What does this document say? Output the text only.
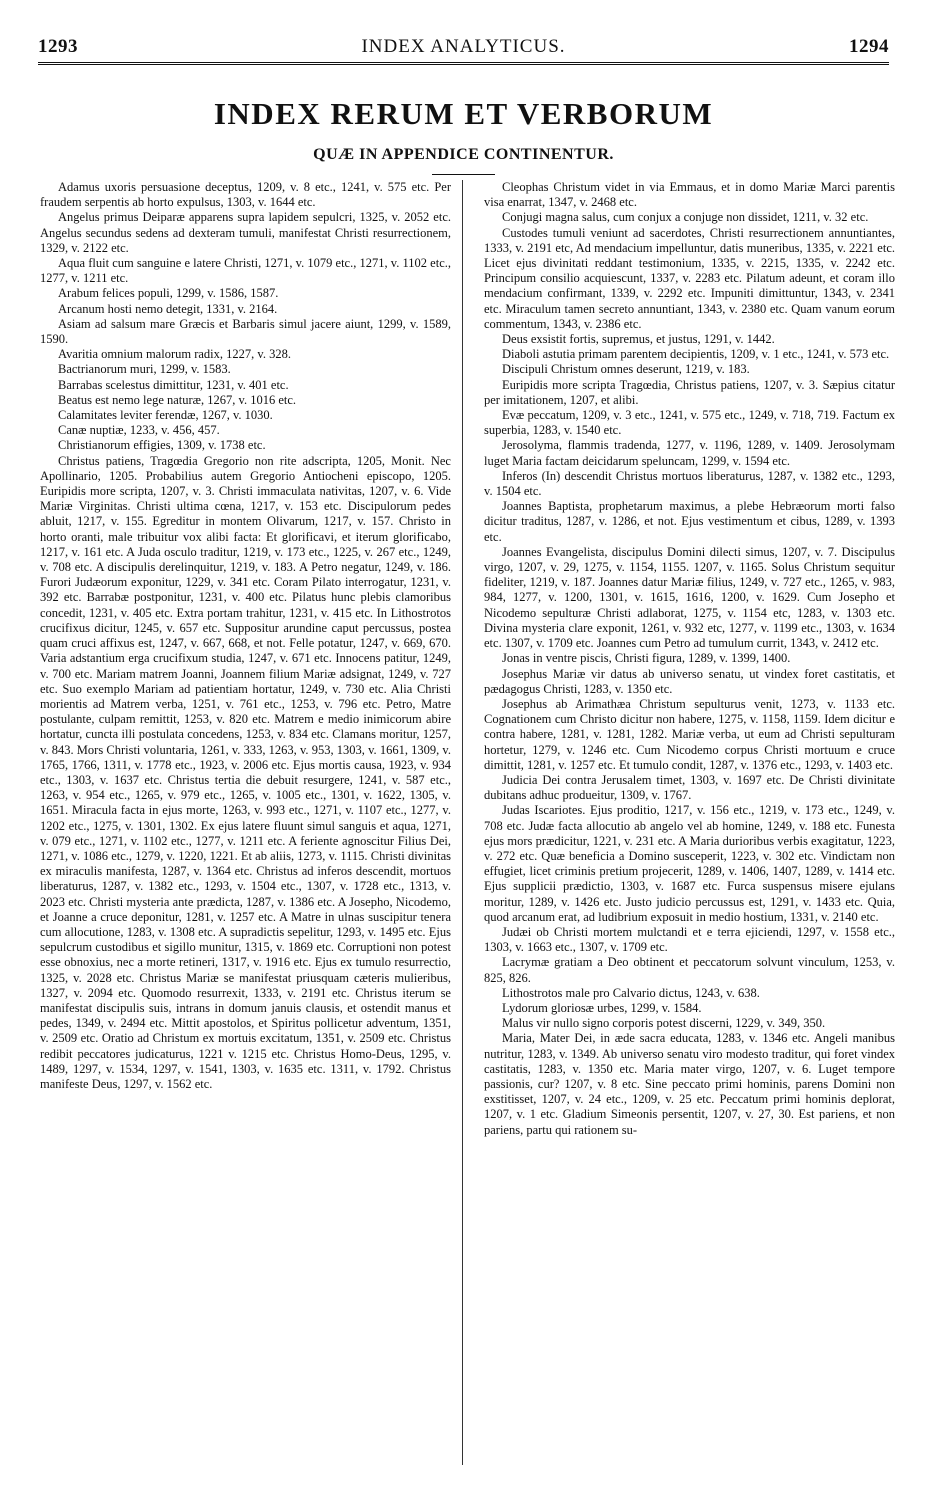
1293	INDEX ANALYTICUS.	1294
INDEX RERUM ET VERBORUM
QUÆ IN APPENDICE CONTINENTUR.

Adamus uxoris persuasione deceptus, 1209, v. 8 etc., 1241, v. 575 etc. Per fraudem serpentis ab horto expulsus, 1303, v. 1644 etc.

Angelus primus Deiparæ apparens supra lapidem sepulcri, 1325, v. 2052 etc. Angelus secundus sedens ad dexteram tumuli, manifestat Christi resurrectionem, 1329, v. 2122 etc.

Aqua fluit cum sanguine e latere Christi, 1271, v. 1079 etc., 1271, v. 1102 etc., 1277, v. 1211 etc.

Arabum felices populi, 1299, v. 1586, 1587.

Arcanum hosti nemo detegit, 1331, v. 2164.

Asiam ad salsum mare Græcis et Barbaris simul jacere aiunt, 1299, v. 1589, 1590.

Avaritia omnium malorum radix, 1227, v. 328.

Bactrianorum muri, 1299, v. 1583.

Barrabas scelestus dimittitur, 1231, v. 401 etc.

Beatus est nemo lege naturæ, 1267, v. 1016 etc.

Calamitates leviter ferendæ, 1267, v. 1030.

Canæ nuptiæ, 1233, v. 456, 457.

Christianorum effigies, 1309, v. 1738 etc.

Christus patiens, Tragœdia Gregorio non rite adscripta, 1205, Monit. Nec Apollinario, 1205. Probabilius autem Gregorio Antiocheni episcopo, 1205. Euripidis more scripta, 1207, v. 3. Christi immaculata nativitas, 1207, v. 6. Vide Mariæ Virginitas. Christi ultima cœna, 1217, v. 153 etc. Discipulorum pedes abluit, 1217, v. 155. Egreditur in montem Olivarum, 1217, v. 157. Christo in horto oranti, male tribuitur vox alibi facta: Et glorificavi, et iterum glorificabo, 1217, v. 161 etc. A Juda osculo traditur, 1219, v. 173 etc., 1225, v. 267 etc., 1249, v. 708 etc. A discipulis derelinquitur, 1219, v. 183. A Petro negatur, 1249, v. 186. Furori Judæorum exponitur, 1229, v. 341 etc. Coram Pilato interrogatur, 1231, v. 392 etc. Barrabæ postponitur, 1231, v. 400 etc. Pilatus hunc plebis clamoribus concedit, 1231, v. 405 etc. Extra portam trahitur, 1231, v. 415 etc. In Lithostrotos crucifixus dicitur, 1245, v. 657 etc. Suppositur arundine caput percussus, postea quam cruci affixus est, 1247, v. 667, 668, et not. Felle potatur, 1247, v. 669, 670. Varia adstantium erga crucifixum studia, 1247, v. 671 etc. Innocens patitur, 1249, v. 700 etc. Mariam matrem Joanni, Joannem filium Mariæ adsignat, 1249, v. 727 etc. Suo exemplo Mariam ad patientiam hortatur, 1249, v. 730 etc. Alia Christi morientis ad Matrem verba, 1251, v. 761 etc., 1253, v. 796 etc. Petro, Matre postulante, culpam remittit, 1253, v. 820 etc. Matrem e medio inimicorum abire hortatur, cuncta illi postulata concedens, 1253, v. 834 etc. Clamans moritur, 1257, v. 843. Mors Christi voluntaria, 1261, v. 333, 1263, v. 953, 1303, v. 1661, 1309, v. 1765, 1766, 1311, v. 1778 etc., 1923, v. 2006 etc. Ejus mortis causa, 1923, v. 934 etc., 1303, v. 1637 etc. Christus tertia die debuit resurgere, 1241, v. 587 etc., 1263, v. 954 etc., 1265, v. 979 etc., 1265, v. 1005 etc., 1301, v. 1622, 1305, v. 1651. Miracula facta in ejus morte, 1263, v. 993 etc., 1271, v. 1107 etc., 1277, v. 1202 etc., 1275, v. 1301, 1302. Ex ejus latere fluunt simul sanguis et aqua, 1271, v. 079 etc., 1271, v. 1102 etc., 1277, v. 1211 etc. A feriente agnoscitur Filius Dei, 1271, v. 1086 etc., 1279, v. 1220, 1221. Et ab aliis, 1273, v. 1115. Christi divinitas ex miraculis manifesta, 1287, v. 1364 etc. Christus ad inferos descendit, mortuos liberaturus, 1287, v. 1382 etc., 1293, v. 1504 etc., 1307, v. 1728 etc., 1313, v. 2023 etc. Christi mysteria ante prædicta, 1287, v. 1386 etc. A Josepho, Nicodemo, et Joanne a cruce deponitur, 1281, v. 1257 etc. A Matre in ulnas suscipitur tenera cum allocutione, 1283, v. 1308 etc. A supradictis sepelitur, 1293, v. 1495 etc. Ejus sepulcrum custodibus et sigillo munitur, 1315, v. 1869 etc. Corruptioni non potest esse obnoxius, nec a morte retineri, 1317, v. 1916 etc. Ejus ex tumulo resurrectio, 1325, v. 2028 etc. Christus Mariæ se manifestat priusquam cæteris mulieribus, 1327, v. 2094 etc. Quomodo resurrexit, 1333, v. 2191 etc. Christus iterum se manifestat discipulis suis, intrans in domum januis clausis, et ostendit manus et pedes, 1349, v. 2494 etc. Mittit apostolos, et Spiritus pollicetur adventum, 1351, v. 2509 etc. Oratio ad Christum ex mortuis excitatum, 1351, v. 2509 etc. Christus redibit peccatores judicaturus, 1221 v. 1215 etc. Christus Homo-Deus, 1295, v. 1489, 1297, v. 1534, 1297, v. 1541, 1303, v. 1635 etc. 1311, v. 1792. Christus manifeste Deus, 1297, v. 1562 etc.

Cleophas Christum videt in via Emmaus, et in domo Mariæ Marci parentis visa enarrat, 1347, v. 2468 etc.

Conjugi magna salus, cum conjux a conjuge non dissidet, 1211, v. 32 etc.

Custodes tumuli veniunt ad sacerdotes, Christi resurrectionem annuntiantes, 1333, v. 2191 etc, Ad mendacium impelluntur, datis muneribus, 1335, v. 2221 etc. Licet ejus divinitati reddant testimonium, 1335, v. 2215, 1335, v. 2242 etc. Principum consilio acquiescunt, 1337, v. 2283 etc. Pilatum adeunt, et coram illo mendacium confirmant, 1339, v. 2292 etc. Impuniti dimittuntur, 1343, v. 2341 etc. Miraculum tamen secreto annuntiant, 1343, v. 2380 etc. Quam vanum eorum commentum, 1343, v. 2386 etc.

Deus exsistit fortis, supremus, et justus, 1291, v. 1442.

Diaboli astutia primam parentem decipientis, 1209, v. 1 etc., 1241, v. 573 etc.

Discipuli Christum omnes deserunt, 1219, v. 183.

Euripidis more scripta Tragœdia, Christus patiens, 1207, v. 3. Sæpius citatur per imitationem, 1207, et alibi.

Evæ peccatum, 1209, v. 3 etc., 1241, v. 575 etc., 1249, v. 718, 719. Factum ex superbia, 1283, v. 1540 etc.

Jerosolyma, flammis tradenda, 1277, v. 1196, 1289, v. 1409. Jerosolymam luget Maria factam deicidarum speluncam, 1299, v. 1594 etc.

Inferos (In) descendit Christus mortuos liberaturus, 1287, v. 1382 etc., 1293, v. 1504 etc.

Joannes Baptista, prophetarum maximus, a plebe Hebræorum morti falso dicitur traditus, 1287, v. 1286, et not. Ejus vestimentum et cibus, 1289, v. 1393 etc.

Joannes Evangelista, discipulus Domini dilecti simus, 1207, v. 7. Discipulus virgo, 1207, v. 29, 1275, v. 1154, 1155. 1207, v. 1165. Solus Christum sequitur fideliter, 1219, v. 187. Joannes datur Mariæ filius, 1249, v. 727 etc., 1265, v. 983, 984, 1277, v. 1200, 1301, v. 1615, 1616, 1200, v. 1629. Cum Josepho et Nicodemo sepulturæ Christi adlaborat, 1275, v. 1154 etc, 1283, v. 1303 etc. Divina mysteria clare exponit, 1261, v. 932 etc, 1277, v. 1199 etc., 1303, v. 1634 etc. 1307, v. 1709 etc. Joannes cum Petro ad tumulum currit, 1343, v. 2412 etc.

Jonas in ventre piscis, Christi figura, 1289, v. 1399, 1400.

Josephus Mariæ vir datus ab universo senatu, ut vindex foret castitatis, et pædagogus Christi, 1283, v. 1350 etc.

Josephus ab Arimathæa Christum sepulturus venit, 1273, v. 1133 etc. Cognationem cum Christo dicitur non habere, 1275, v. 1158, 1159. Idem dicitur e contra habere, 1281, v. 1281, 1282. Mariæ verba, ut eum ad Christi sepulturam hortetur, 1279, v. 1246 etc. Cum Nicodemo corpus Christi mortuum e cruce dimittit, 1281, v. 1257 etc. Et tumulo condit, 1287, v. 1376 etc., 1293, v. 1403 etc.

Judicia Dei contra Jerusalem timet, 1303, v. 1697 etc. De Christi divinitate dubitans adhuc produeitur, 1309, v. 1767.

Judas Iscariotes. Ejus proditio, 1217, v. 156 etc., 1219, v. 173 etc., 1249, v. 708 etc. Judæ facta allocutio ab angelo vel ab homine, 1249, v. 188 etc. Funesta ejus mors prædicitur, 1221, v. 231 etc. A Maria durioribus verbis exagitatur, 1223, v. 272 etc. Quæ beneficia a Domino susceperit, 1223, v. 302 etc. Vindictam non effugiet, licet criminis pretium projecerit, 1289, v. 1406, 1407, 1289, v. 1414 etc. Ejus supplicii prædictio, 1303, v. 1687 etc. Furca suspensus misere ejulans moritur, 1289, v. 1426 etc. Justo judicio percussus est, 1291, v. 1433 etc. Quia, quod arcanum erat, ad ludibrium exposuit in medio hostium, 1331, v. 2140 etc.

Judæi ob Christi mortem mulctandi et e terra ejiciendi, 1297, v. 1558 etc., 1303, v. 1663 etc., 1307, v. 1709 etc.

Lacrymæ gratiam a Deo obtinent et peccatorum solvunt vinculum, 1253, v. 825, 826.

Lithostrotos male pro Calvario dictus, 1243, v. 638.

Lydorum gloriosæ urbes, 1299, v. 1584.

Malus vir nullo signo corporis potest discerni, 1229, v. 349, 350.

Maria, Mater Dei, in æde sacra educata, 1283, v. 1346 etc. Angeli manibus nutritur, 1283, v. 1349. Ab universo senatu viro modesto traditur, qui foret vindex castitatis, 1283, v. 1350 etc. Maria mater virgo, 1207, v. 6. Luget tempore passionis, cur? 1207, v. 8 etc. Sine peccato primi hominis, parens Domini non exstitisset, 1207, v. 24 etc., 1209, v. 25 etc. Peccatum primi hominis deplorat, 1207, v. 1 etc. Gladium Simeonis persentit, 1207, v. 27, 30. Est pariens, et non pariens, partu qui rationem su-
